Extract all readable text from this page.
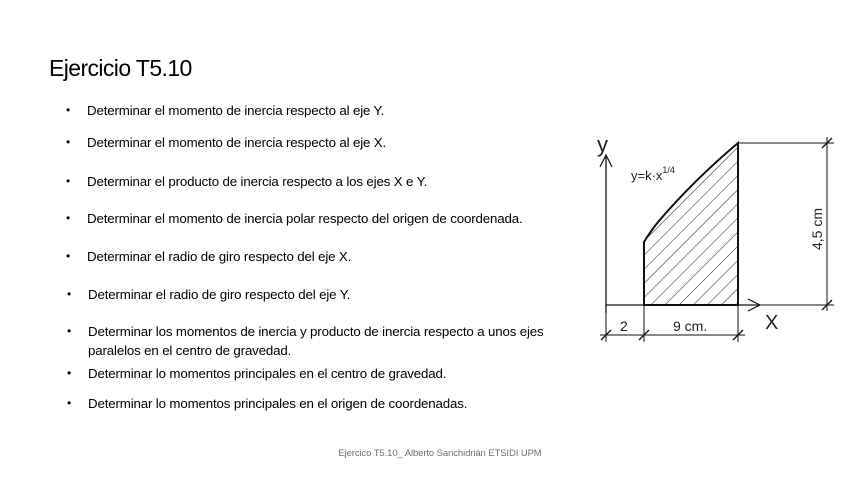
Ejercicio T5.10
• Determinar el momento de inercia respecto al eje Y.
• Determinar el momento de inercia respecto al eje X.
• Determinar el producto de inercia respecto a los ejes X e Y.
• Determinar el momento de inercia polar respecto del origen de coordenada.
• Determinar el radio de giro respecto del eje X.
• Determinar el radio de giro respecto del eje Y.
• Determinar los momentos de inercia y producto de inercia respecto a unos ejes paralelos en el centro de gravedad.
• Determinar lo momentos principales en el centro de gravedad.
• Determinar lo momentos principales en el origen de coordenadas.
y
X
$y=k\cdot x^{1/4}$
4,5 cm
2	9 cm.
Ejercico T5.10_ Alberto Sanchidrián ETSIDI UPM
